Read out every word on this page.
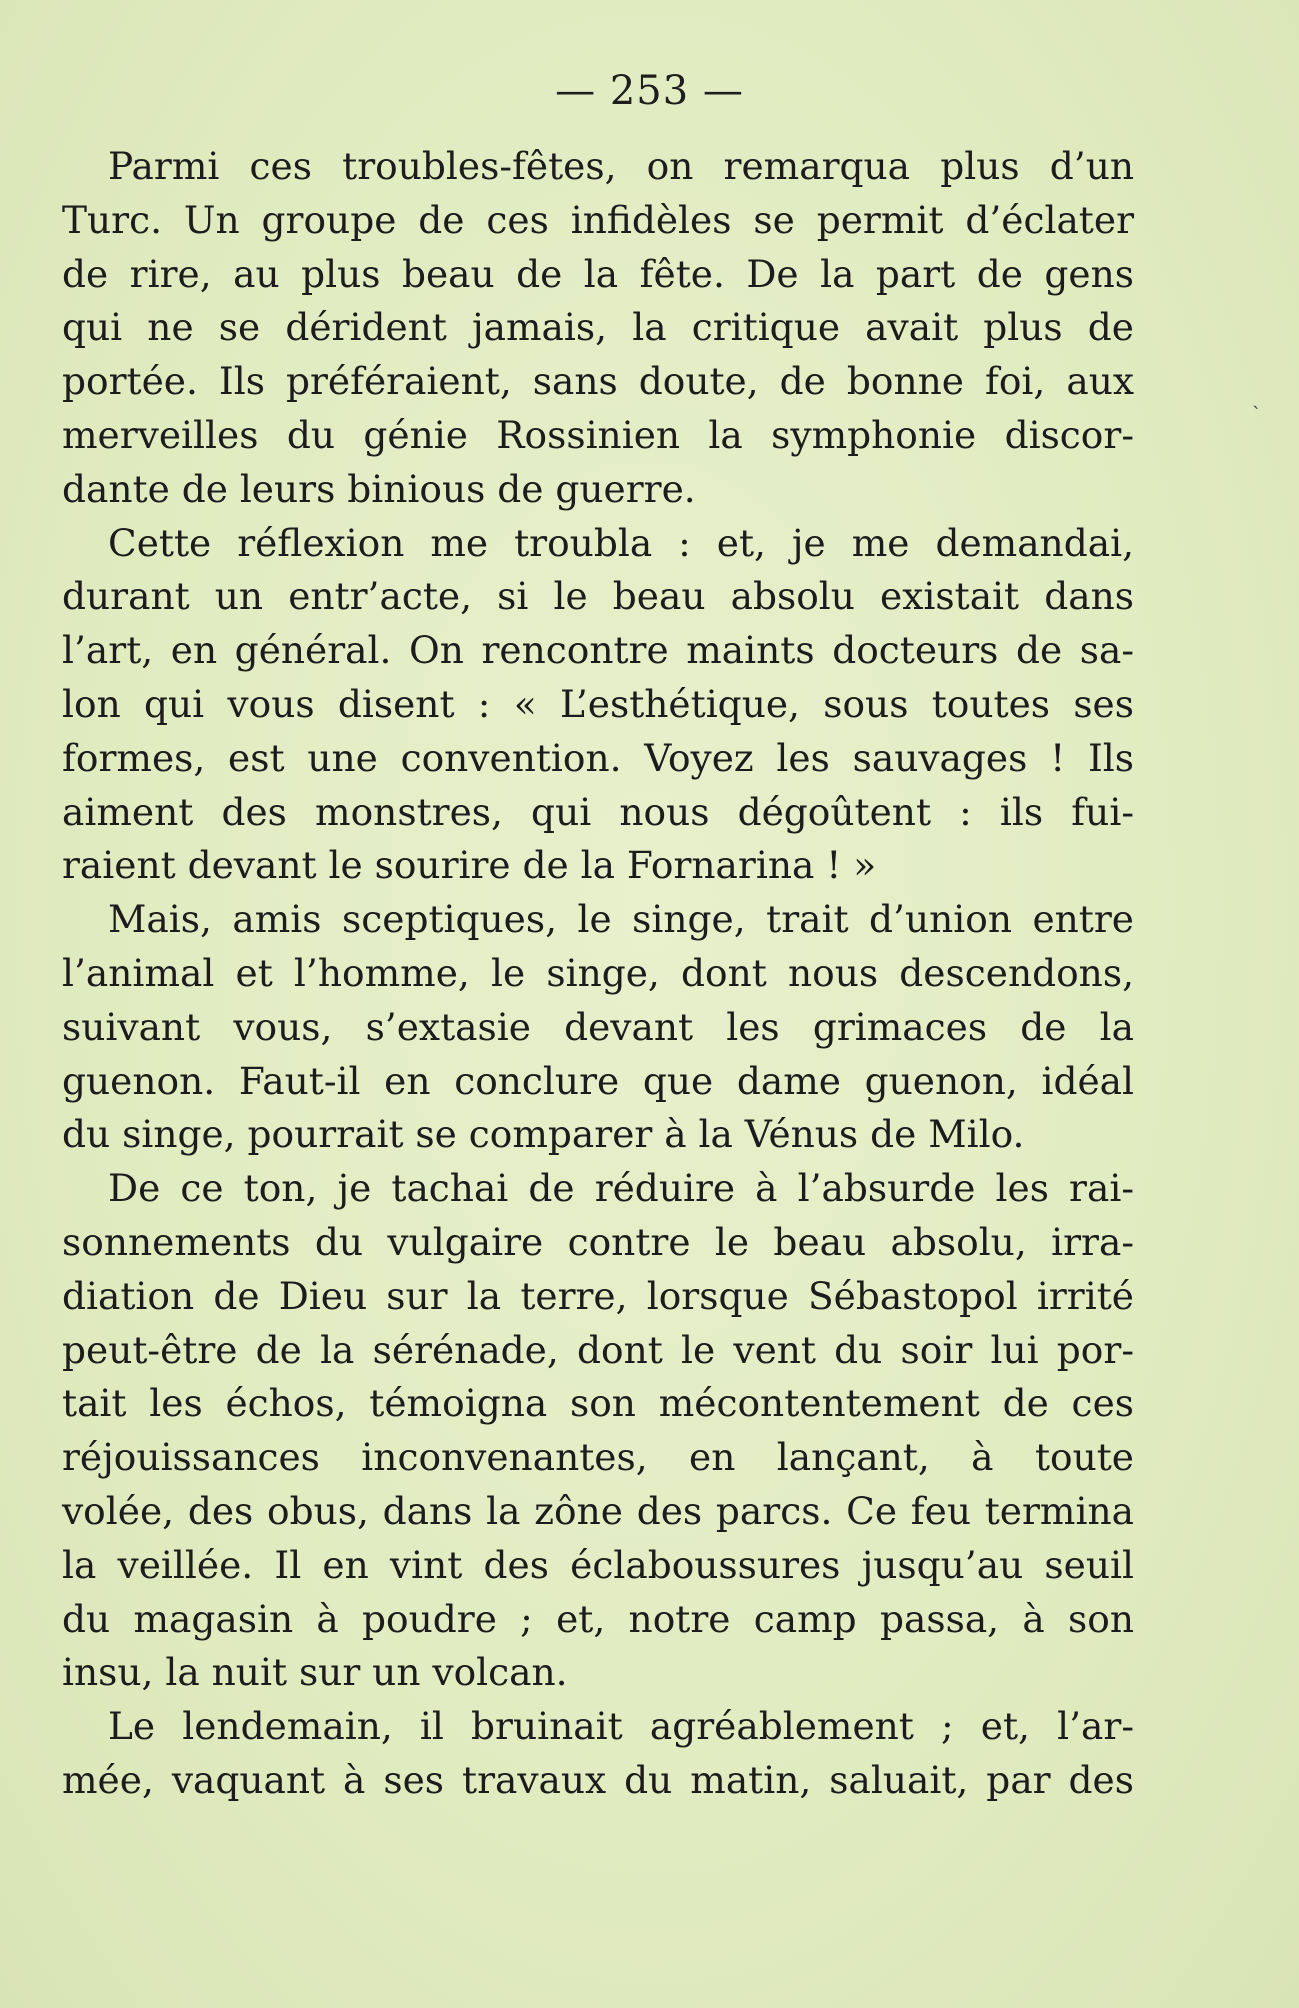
— 253 —
Parmi ces troubles-fêtes, on remarqua plus d’un
Turc. Un groupe de ces infidèles se permit d’éclater
de rire, au plus beau de la fête. De la part de gens
qui ne se dérident jamais, la critique avait plus de
portée. Ils préféraient, sans doute, de bonne foi, aux
merveilles du génie Rossinien la symphonie discor-
dante de leurs binious de guerre.
Cette réflexion me troubla : et, je me demandai,
durant un entr’acte, si le beau absolu existait dans
l’art, en général. On rencontre maints docteurs de sa-
lon qui vous disent : « L’esthétique, sous toutes ses
formes, est une convention. Voyez les sauvages ! Ils
aiment des monstres, qui nous dégoûtent : ils fui-
raient devant le sourire de la Fornarina ! »
Mais, amis sceptiques, le singe, trait d’union entre
l’animal et l’homme, le singe, dont nous descendons,
suivant vous, s’extasie devant les grimaces de la
guenon. Faut-il en conclure que dame guenon, idéal
du singe, pourrait se comparer à la Vénus de Milo.
De ce ton, je tachai de réduire à l’absurde les rai-
sonnements du vulgaire contre le beau absolu, irra-
diation de Dieu sur la terre, lorsque Sébastopol irrité
peut-être de la sérénade, dont le vent du soir lui por-
tait les échos, témoigna son mécontentement de ces
réjouissances inconvenantes, en lançant, à toute
volée, des obus, dans la zône des parcs. Ce feu termina
la veillée. Il en vint des éclaboussures jusqu’au seuil
du magasin à poudre ; et, notre camp passa, à son
insu, la nuit sur un volcan.
Le lendemain, il bruinait agréablement ; et, l’ar-
mée, vaquant à ses travaux du matin, saluait, par des
˴
